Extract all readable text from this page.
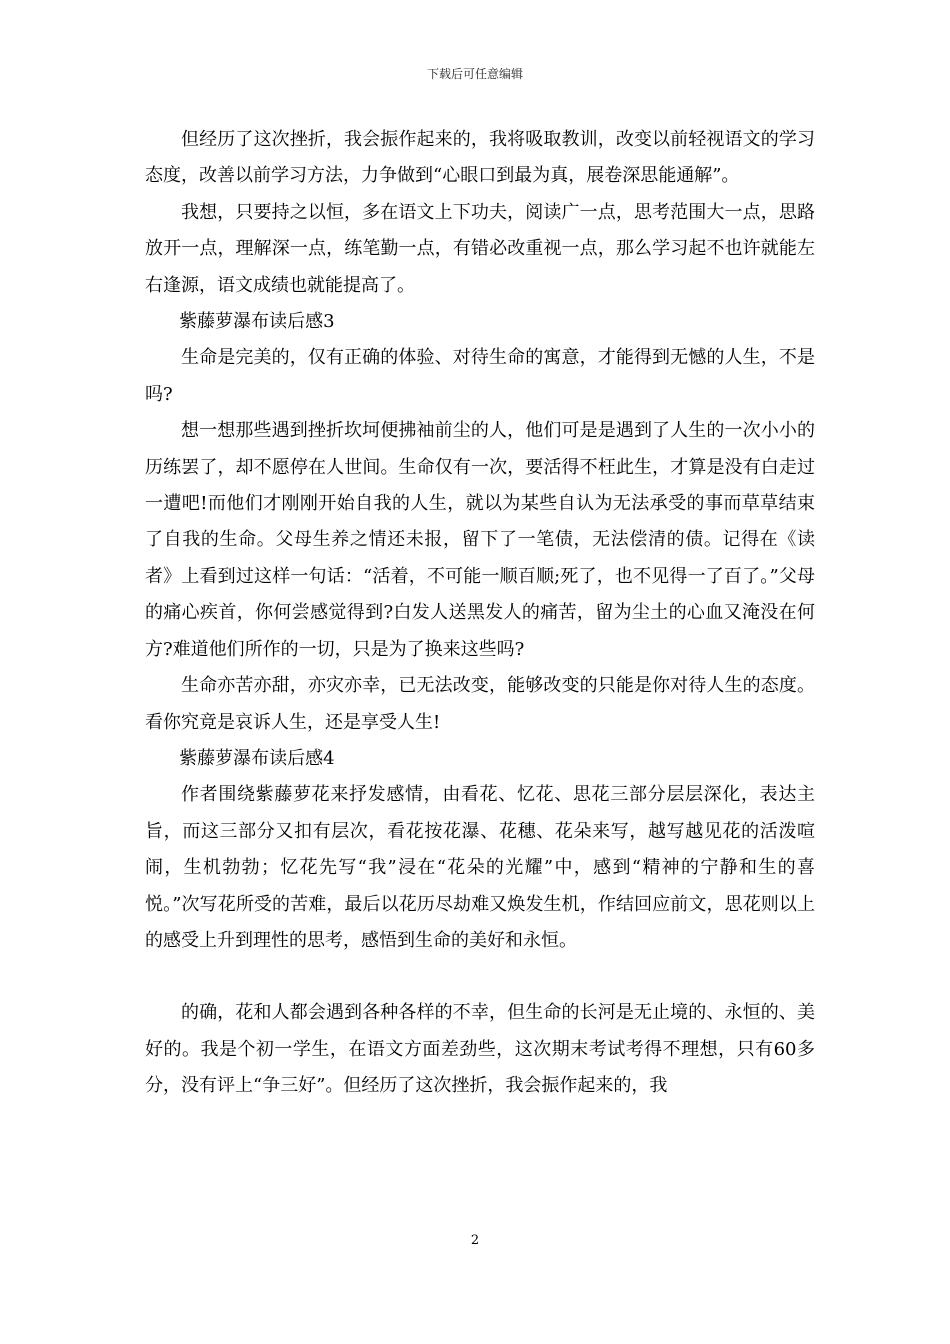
下载后可任意编辑

但经历了这次挫折，我会振作起来的，我将吸取教训，改变以前轻视语文的学习态度，改善以前学习方法，力争做到“心眼口到最为真，展卷深思能通解”。

我想，只要持之以恒，多在语文上下功夫，阅读广一点，思考范围大一点，思路放开一点，理解深一点，练笔勤一点，有错必改重视一点，那么学习起不也许就能左右逢源，语文成绩也就能提高了。

紫藤萝瀑布读后感3

生命是完美的，仅有正确的体验、对待生命的寓意，才能得到无憾的人生，不是吗?

想一想那些遇到挫折坎坷便拂袖前尘的人，他们可是是遇到了人生的一次小小的历练罢了，却不愿停在人世间。生命仅有一次，要活得不枉此生，才算是没有白走过一遭吧!而他们才刚刚开始自我的人生，就以为某些自认为无法承受的事而草草结束了自我的生命。父母生养之情还未报，留下了一笔债，无法偿清的债。记得在《读者》上看到过这样一句话：“活着，不可能一顺百顺;死了，也不见得一了百了。”父母的痛心疾首，你何尝感觉得到?白发人送黑发人的痛苦，留为尘土的心血又淹没在何方?难道他们所作的一切，只是为了换来这些吗?

生命亦苦亦甜，亦灾亦幸，已无法改变，能够改变的只能是你对待人生的态度。看你究竟是哀诉人生，还是享受人生!

紫藤萝瀑布读后感4

作者围绕紫藤萝花来抒发感情，由看花、忆花、思花三部分层层深化，表达主旨，而这三部分又扣有层次，看花按花瀑、花穗、花朵来写，越写越见花的活泼喧闹，生机勃勃；忆花先写“我”浸在“花朵的光耀”中，感到“精神的宁静和生的喜悦。”次写花所受的苦难，最后以花历尽劫难又焕发生机，作结回应前文，思花则以上的感受上升到理性的思考，感悟到生命的美好和永恒。

的确，花和人都会遇到各种各样的不幸，但生命的长河是无止境的、永恒的、美好的。我是个初一学生，在语文方面差劲些，这次期末考试考得不理想，只有60多分，没有评上“争三好”。但经历了这次挫折，我会振作起来的，我

2
